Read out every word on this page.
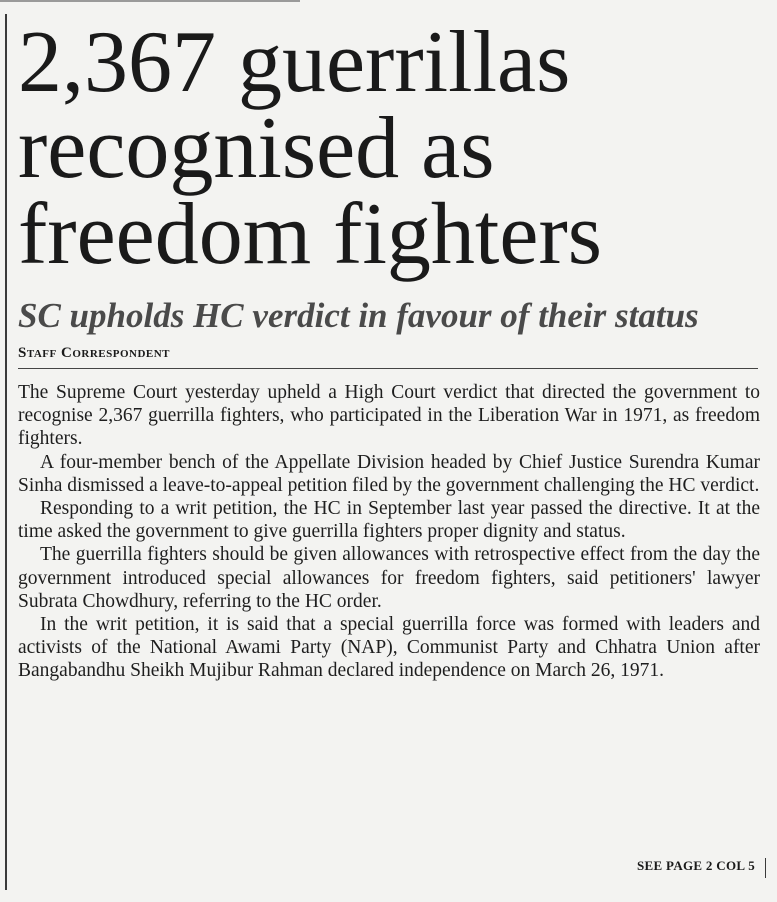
2,367 guerrillas
recognised as
freedom fighters
SC upholds HC verdict in favour of their status
Staff Correspondent

The Supreme Court yesterday upheld a High Court verdict that directed the government to recognise 2,367 guerrilla fighters, who participated in the Liberation War in 1971, as freedom fighters.

A four-member bench of the Appellate Division headed by Chief Justice Surendra Kumar Sinha dismissed a leave-to-appeal petition filed by the government challenging the HC verdict.

Responding to a writ petition, the HC in September last year passed the directive. It at the time asked the government to give guerrilla fighters proper dignity and status.

The guerrilla fighters should be given allowances with retrospective effect from the day the government introduced special allowances for freedom fighters, said petitioners' lawyer Subrata Chowdhury, referring to the HC order.

In the writ petition, it is said that a special guerrilla force was formed with leaders and activists of the National Awami Party (NAP), Communist Party and Chhatra Union after Bangabandhu Sheikh Mujibur Rahman declared independence on March 26, 1971.

SEE PAGE 2 COL 5
